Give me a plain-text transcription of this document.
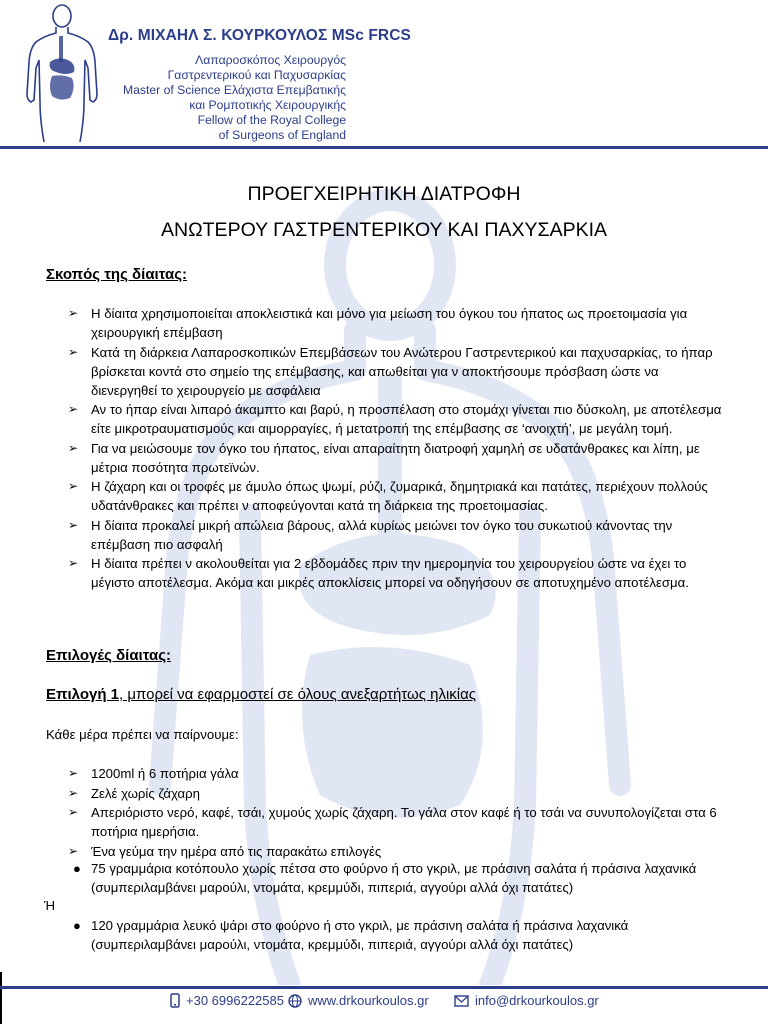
Δρ. ΜΙΧΑΗΛ Σ. ΚΟΥΡΚΟΥΛΟΣ MSc FRCS
Λαπαροσκόπος Χειρουργός
Γαστρεντερικού και Παχυσαρκίας
Master of Science Ελάχιστα Επεμβατικής
και Ρομποτικής Χειρουργικής
Fellow of the Royal College
of Surgeons of England
ΠΡΟΕΓΧΕΙΡΗΤΙΚΗ ΔΙΑΤΡΟΦΗ
ΑΝΩΤΕΡΟΥ ΓΑΣΤΡΕΝΤΕΡΙΚΟΥ ΚΑΙ ΠΑΧΥΣΑΡΚΙΑ
Σκοπός της δίαιτας:
➢ Η δίαιτα χρησιμοποιείται αποκλειστικά και μόνο για μείωση του όγκου του ήπατος ως προετοιμασία για χειρουργική επέμβαση
➢ Κατά τη διάρκεια Λαπαροσκοπικών Επεμβάσεων του Ανώτερου Γαστρεντερικού και παχυσαρκίας, το ήπαρ βρίσκεται κοντά στο σημείο της επέμβασης, και απωθείται για ν αποκτήσουμε πρόσβαση ώστε να διενεργηθεί το χειρουργείο με ασφάλεια
➢ Αν το ήπαρ είναι λιπαρό άκαμπτο και βαρύ, η προσπέλαση στο στομάχι γίνεται πιο δύσκολη, με αποτέλεσμα είτε μικροτραυματισμούς και αιμορραγίες, ή μετατροπή της επέμβασης σε ‘ανοιχτή’, με μεγάλη τομή.
➢ Για να μειώσουμε τον όγκο του ήπατος, είναι απαραίτητη διατροφή χαμηλή σε υδατάνθρακες και λίπη, με μέτρια ποσότητα πρωτεϊνών.
➢ Η ζάχαρη και οι τροφές με άμυλο όπως ψωμί, ρύζι, ζυμαρικά, δημητριακά και πατάτες, περιέχουν πολλούς υδατάνθρακες και πρέπει ν αποφεύγονται κατά τη διάρκεια της προετοιμασίας.
➢ Η δίαιτα προκαλεί μικρή απώλεια βάρους, αλλά κυρίως μειώνει τον όγκο του συκωτιού κάνοντας την επέμβαση πιο ασφαλή
➢ Η δίαιτα πρέπει ν ακολουθείται για 2 εβδομάδες πριν την ημερομηνία του χειρουργείου ώστε να έχει το μέγιστο αποτέλεσμα. Ακόμα και μικρές αποκλίσεις μπορεί να οδηγήσουν σε αποτυχημένο αποτέλεσμα.
Επιλογές δίαιτας:
Επιλογή 1, μπορεί να εφαρμοστεί σε όλους ανεξαρτήτως ηλικίας
Κάθε μέρα πρέπει να παίρνουμε:
➢ 1200ml ή 6 ποτήρια γάλα
➢ Ζελέ χωρίς ζάχαρη
➢ Απεριόριστο νερό, καφέ, τσάι, χυμούς χωρίς ζάχαρη. Το γάλα στον καφέ ή το τσάι να συνυπολογίζεται στα 6 ποτήρια ημερήσια.
➢ Ένα γεύμα την ημέρα από τις παρακάτω επιλογές
● 75 γραμμάρια κοτόπουλο χωρίς πέτσα στο φούρνο ή στο γκριλ, με πράσινη σαλάτα ή πράσινα λαχανικά (συμπεριλαμβάνει μαρούλι, ντομάτα, κρεμμύδι, πιπεριά, αγγούρι αλλά όχι πατάτες)
Ή
● 120 γραμμάρια λευκό ψάρι στο φούρνο ή στο γκριλ, με πράσινη σαλάτα ή πράσινα λαχανικά (συμπεριλαμβάνει μαρούλι, ντομάτα, κρεμμύδι, πιπεριά, αγγούρι αλλά όχι πατάτες)
+30 6996222585 www.drkourkoulos.gr	info@drkourkoulos.gr
